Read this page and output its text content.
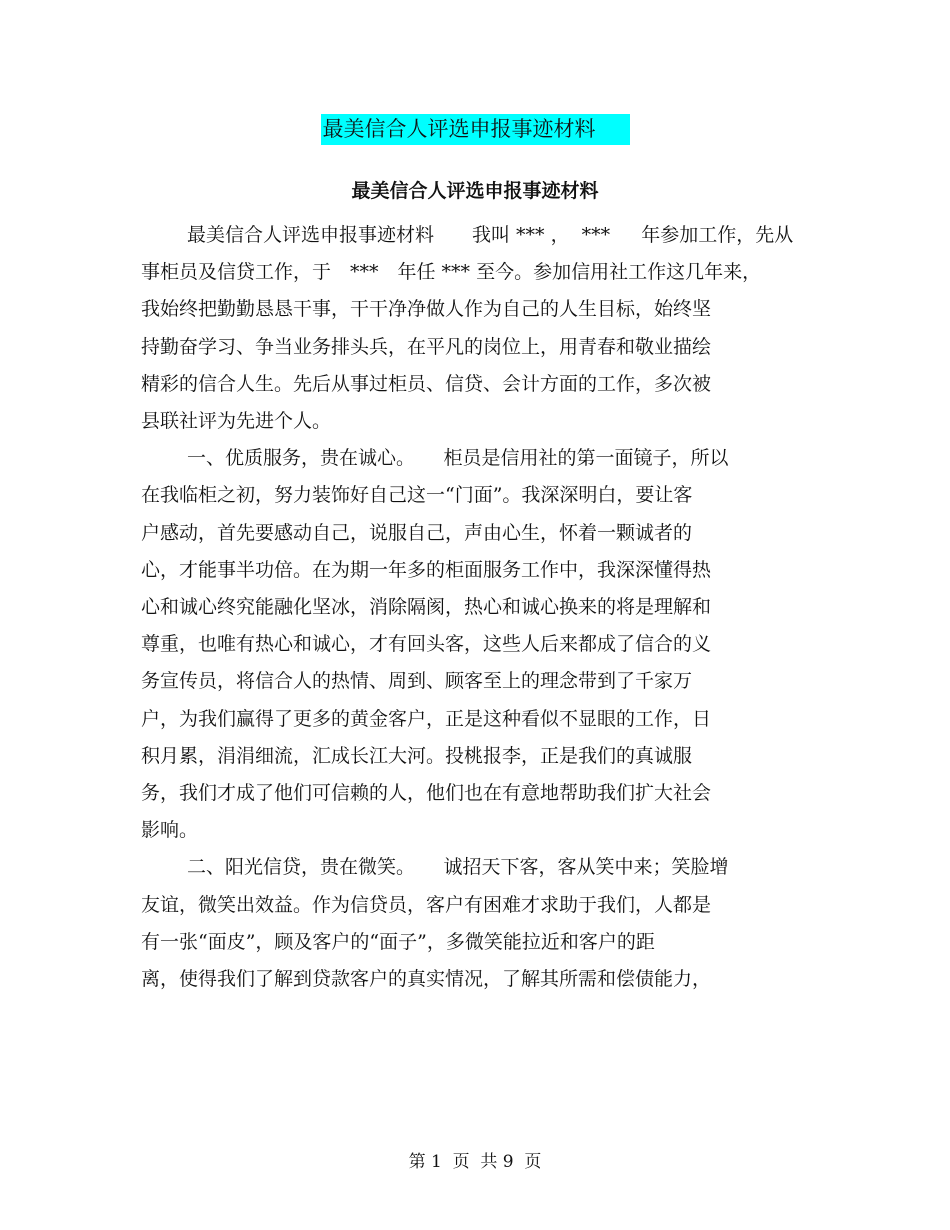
最美信合人评选申报事迹材料
最美信合人评选申报事迹材料
最美信合人评选申报事迹材料　　我叫 *** ，  ***  　年参加工作，先从
事柜员及信贷工作，于　***　年任 *** 至今。参加信用社工作这几年来，
我始终把勤勤恳恳干事，干干净净做人作为自己的人生目标，始终坚
持勤奋学习、争当业务排头兵，在平凡的岗位上，用青春和敬业描绘
精彩的信合人生。先后从事过柜员、信贷、会计方面的工作，多次被
县联社评为先进个人。
一、优质服务，贵在诚心。　　柜员是信用社的第一面镜子，所以
在我临柜之初，努力装饰好自己这一“门面”。我深深明白，要让客
户感动，首先要感动自己，说服自己，声由心生，怀着一颗诚者的
心，才能事半功倍。在为期一年多的柜面服务工作中，我深深懂得热
心和诚心终究能融化坚冰，消除隔阂，热心和诚心换来的将是理解和
尊重，也唯有热心和诚心，才有回头客，这些人后来都成了信合的义
务宣传员，将信合人的热情、周到、顾客至上的理念带到了千家万
户，为我们赢得了更多的黄金客户，正是这种看似不显眼的工作，日
积月累，涓涓细流，汇成长江大河。投桃报李，正是我们的真诚服
务，我们才成了他们可信赖的人，他们也在有意地帮助我们扩大社会
影响。
二、阳光信贷，贵在微笑。　　诚招天下客，客从笑中来；笑脸增
友谊，微笑出效益。作为信贷员，客户有困难才求助于我们，人都是
有一张“面皮”，顾及客户的“面子”，多微笑能拉近和客户的距
离，使得我们了解到贷款客户的真实情况，了解其所需和偿债能力，
第 1  页  共 9  页
